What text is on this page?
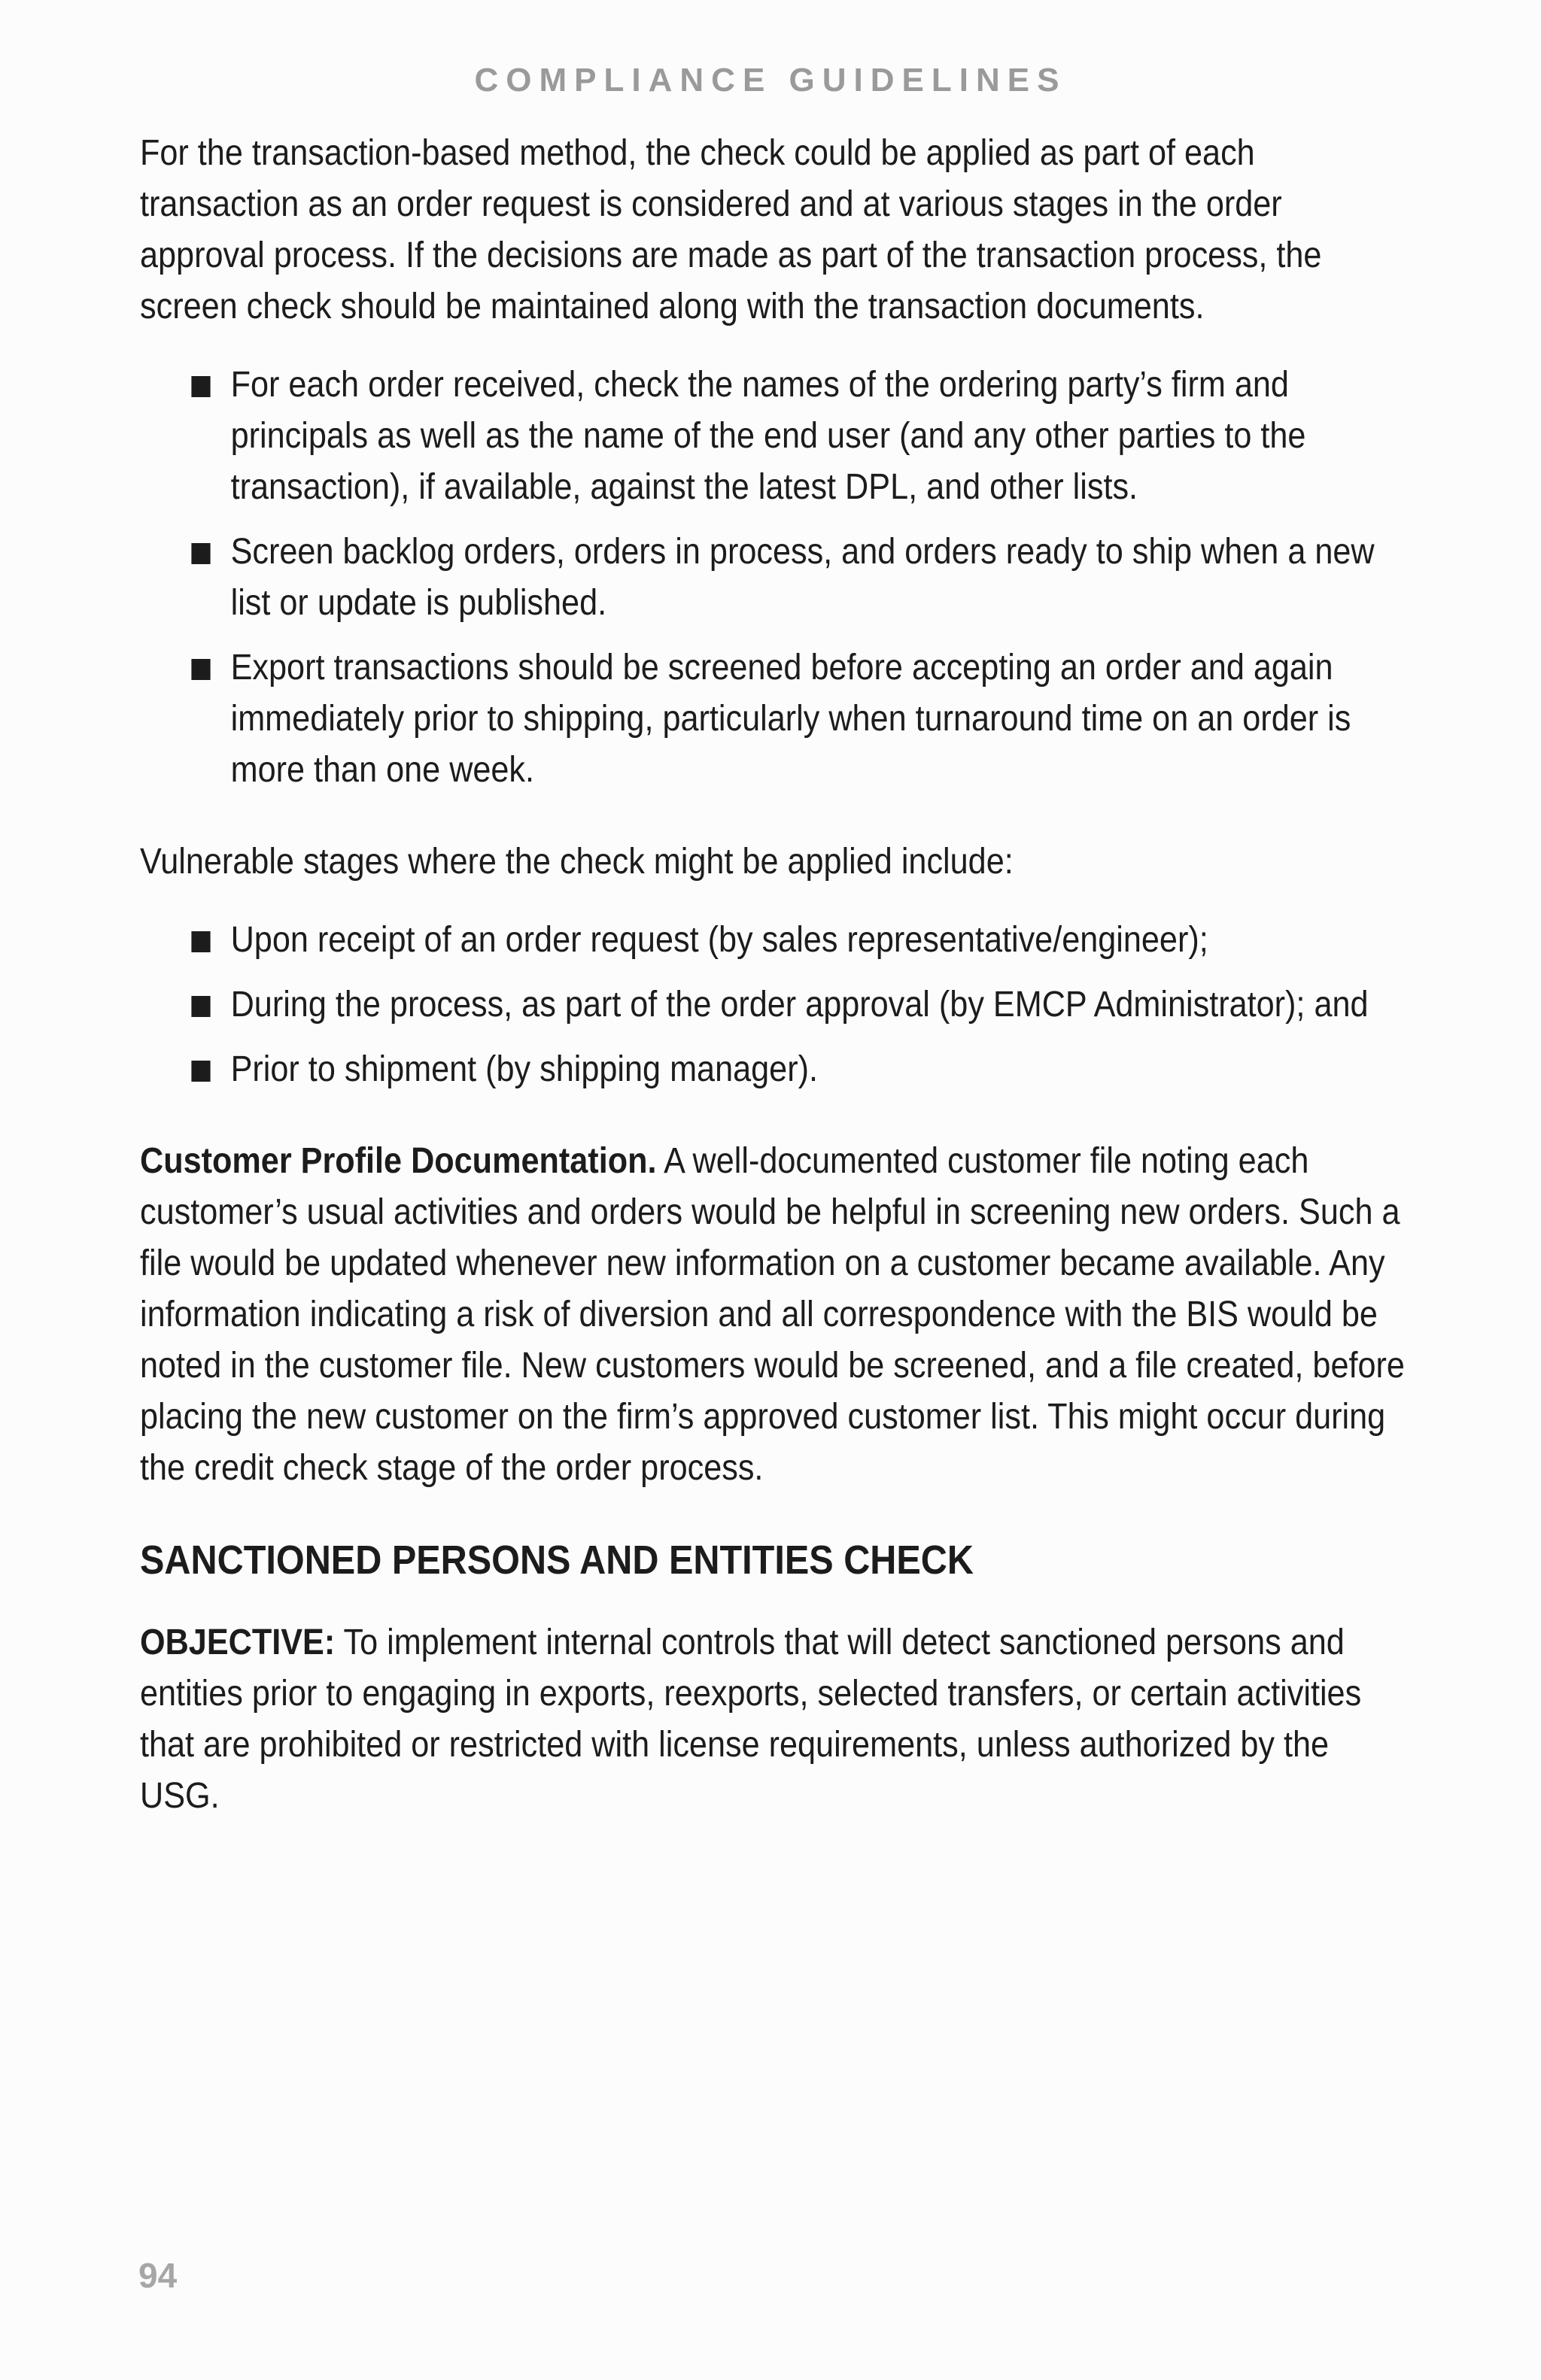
COMPLIANCE GUIDELINES

For the transaction-based method, the check could be applied as part of each transaction as an order request is considered and at various stages in the order approval process. If the decisions are made as part of the transaction process, the screen check should be maintained along with the transaction documents.

For each order received, check the names of the ordering party’s firm and principals as well as the name of the end user (and any other parties to the transaction), if available, against the latest DPL, and other lists.
Screen backlog orders, orders in process, and orders ready to ship when a new list or update is published.
Export transactions should be screened before accepting an order and again immediately prior to shipping, particularly when turnaround time on an order is more than one week.

Vulnerable stages where the check might be applied include:

Upon receipt of an order request (by sales representative/engineer);
During the process, as part of the order approval (by EMCP Administrator); and
Prior to shipment (by shipping manager).

Customer Profile Documentation. A well-documented customer file noting each customer’s usual activities and orders would be helpful in screening new orders. Such a file would be updated whenever new information on a customer became available. Any information indicating a risk of diversion and all correspondence with the BIS would be noted in the customer file. New customers would be screened, and a file created, before placing the new customer on the firm’s approved customer list. This might occur during the credit check stage of the order process.

SANCTIONED PERSONS AND ENTITIES CHECK

OBJECTIVE: To implement internal controls that will detect sanctioned persons and entities prior to engaging in exports, reexports, selected transfers, or certain activities that are prohibited or restricted with license requirements, unless authorized by the USG.

94
